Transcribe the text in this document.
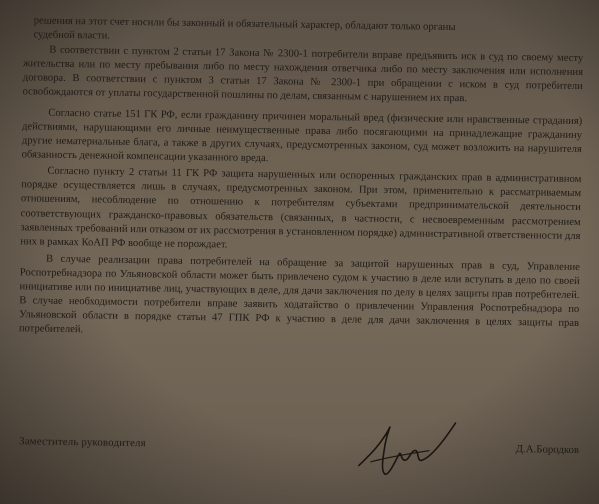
решения на этот счет носили бы законный и обязательный характер, обладают только органы

судебной власти.

В соответствии с пунктом 2 статьи 17 Закона № 2300-1 потребители вправе предъявить иск в суд по своему месту жительства или по месту пребывания либо по месту нахождения ответчика либо по месту заключения или исполнения договора. В соответствии с пунктом 3 статьи 17 Закона № 2300-1 при обращении с иском в суд потребители освобождаются от уплаты государственной пошлины по делам, связанным с нарушением их прав.

Согласно статье 151 ГК РФ, если гражданину причинен моральный вред (физические или нравственные страдания) действиями, нарушающими его личные неимущественные права либо посягающими на принадлежащие гражданину другие нематериальные блага, а также в других случаях, предусмотренных законом, суд может возложить на нарушителя обязанность денежной компенсации указанного вреда.

Согласно пункту 2 статьи 11 ГК РФ защита нарушенных или оспоренных гражданских прав в административном порядке осуществляется лишь в случаях, предусмотренных законом. При этом, применительно к рассматриваемым отношениям, несоблюдение по отношению к потребителям субъектами предпринимательской деятельности соответствующих гражданско-правовых обязательств (связанных, в частности, с несвоевременным рассмотрением заявленных требований или отказом от их рассмотрения в установленном порядке) административной ответственности для них в рамках КоАП РФ вообще не порождает.

В случае реализации права потребителей на обращение за защитой нарушенных прав в суд, Управление Роспотребнадзора по Ульяновской области может быть привлечено судом к участию в деле или вступать в дело по своей инициативе или по инициативе лиц, участвующих в деле, для дачи заключения по делу в целях защиты прав потребителей. В случае необходимости потребители вправе заявить ходатайство о привлечении Управления Роспотребнадзора по Ульяновской области в порядке статьи 47 ГПК РФ к участию в деле для дачи заключения в целях защиты прав потребителей.

Заместитель руководителя
Д.А.Бородков
